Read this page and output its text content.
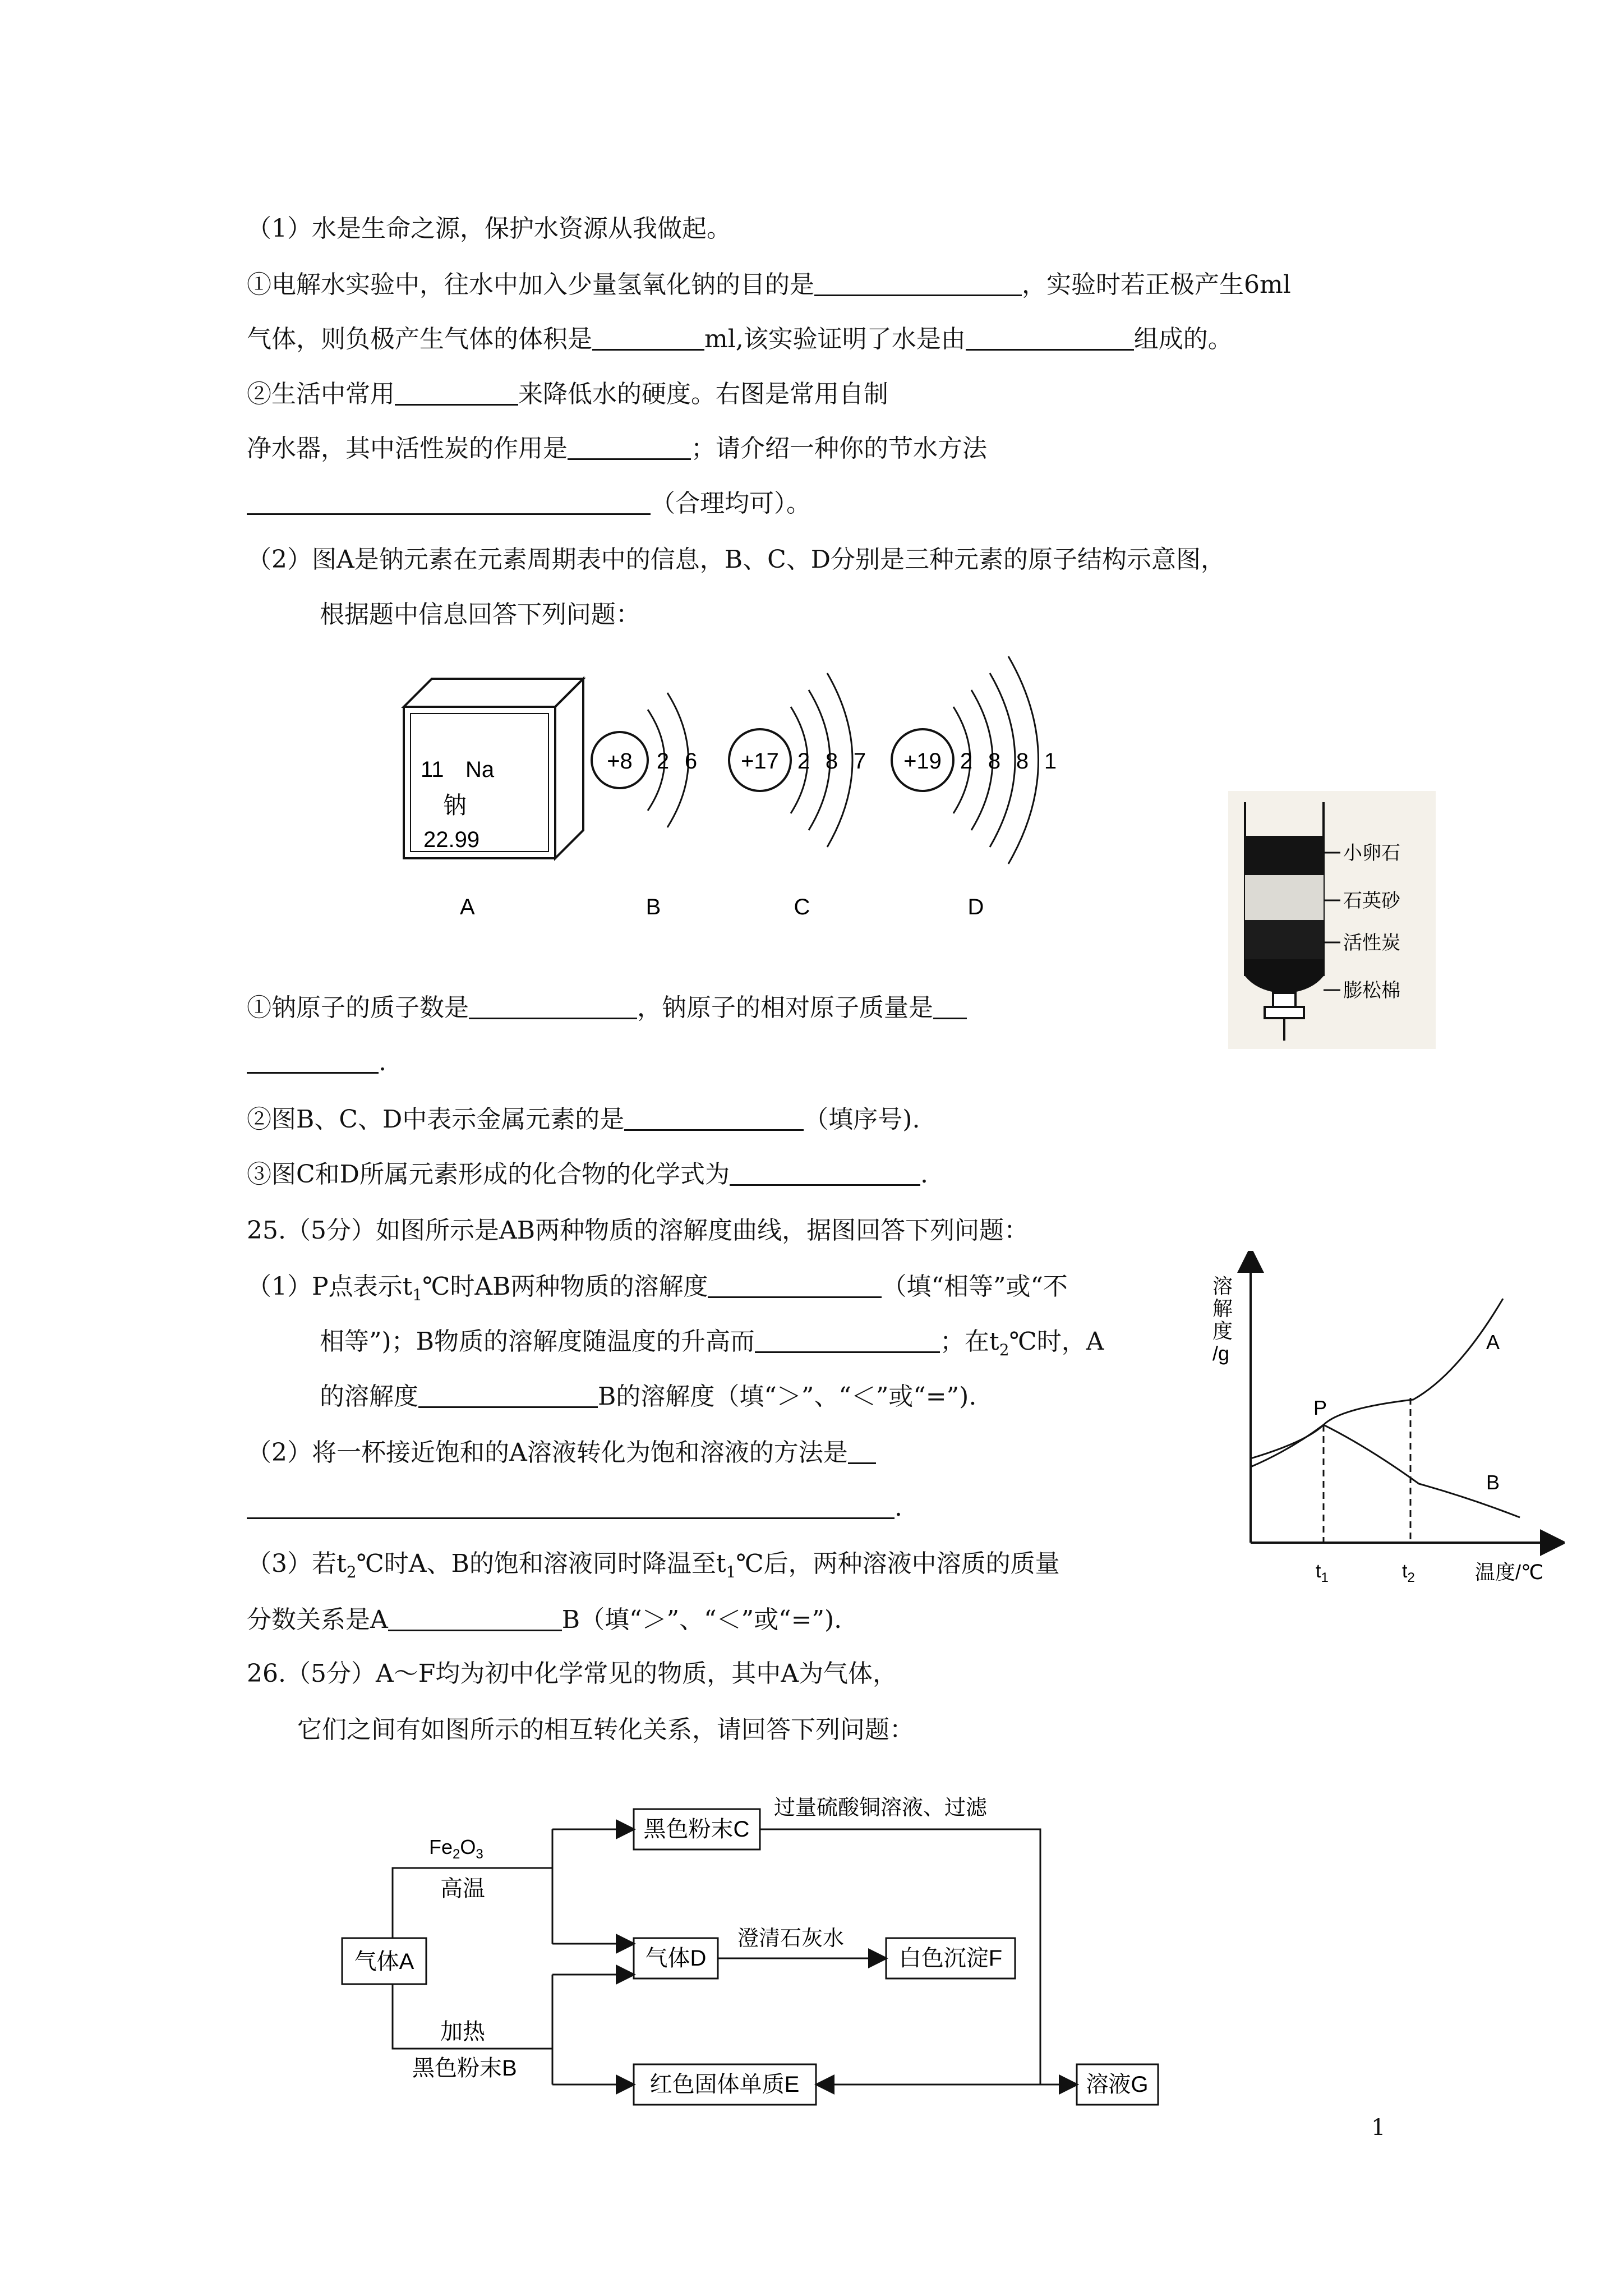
（1）水是生命之源，保护水资源从我做起。
①电解水实验中，往水中加入少量氢氧化钠的目的是	，实验时若正极产生6ml
气体，则负极产生气体的体积是	ml,该实验证明了水是由	组成的。
②生活中常用	来降低水的硬度。右图是常用自制
净水器，其中活性炭的作用是	；请介绍一种你的节水方法
（合理均可）。
（2）图A是钠元素在元素周期表中的信息，B、C、D分别是三种元素的原子结构示意图，
根据题中信息回答下列问题：
11 Na
钠
22.99
A
+8 2 6
B
+17 2 8 7
C
+19 2 8 8 1
D
小卵石
石英砂
活性炭
膨松棉
①钠原子的质子数是	，钠原子的相对原子质量是
.
②图B、C、D中表示金属元素的是	（填序号).
③图C和D所属元素形成的化合物的化学式为	.
25.（5分）如图所示是AB两种物质的溶解度曲线，据图回答下列问题：
（1）P点表示$t_1℃$时AB两种物质的溶解度	（填“相等”或“不
相等”)；B物质的溶解度随温度的升高而	；在$t_2℃$时，A
的溶解度	B的溶解度（填“＞”、“＜”或“=”).
（2）将一杯接近饱和的A溶液转化为饱和溶液的方法是
.
（3）若$t_2℃$时A、B的饱和溶液同时降温至$t_1℃$后，两种溶液中溶质的质量
分数关系是A	B（填“＞”、“＜”或“=”).
溶
解
度
/g
P
A
B
$t_1$	$t_2$	温度/℃
26.（5分）A～F均为初中化学常见的物质，其中A为气体，
它们之间有如图所示的相互转化关系，请回答下列问题：
气体A
黑色粉末C
气体D	白色沉淀F
红色固体单质E	溶液G
$Fe_2O_3$
高温
加热
黑色粉末B
过量硫酸铜溶液、过滤
澄清石灰水
1
